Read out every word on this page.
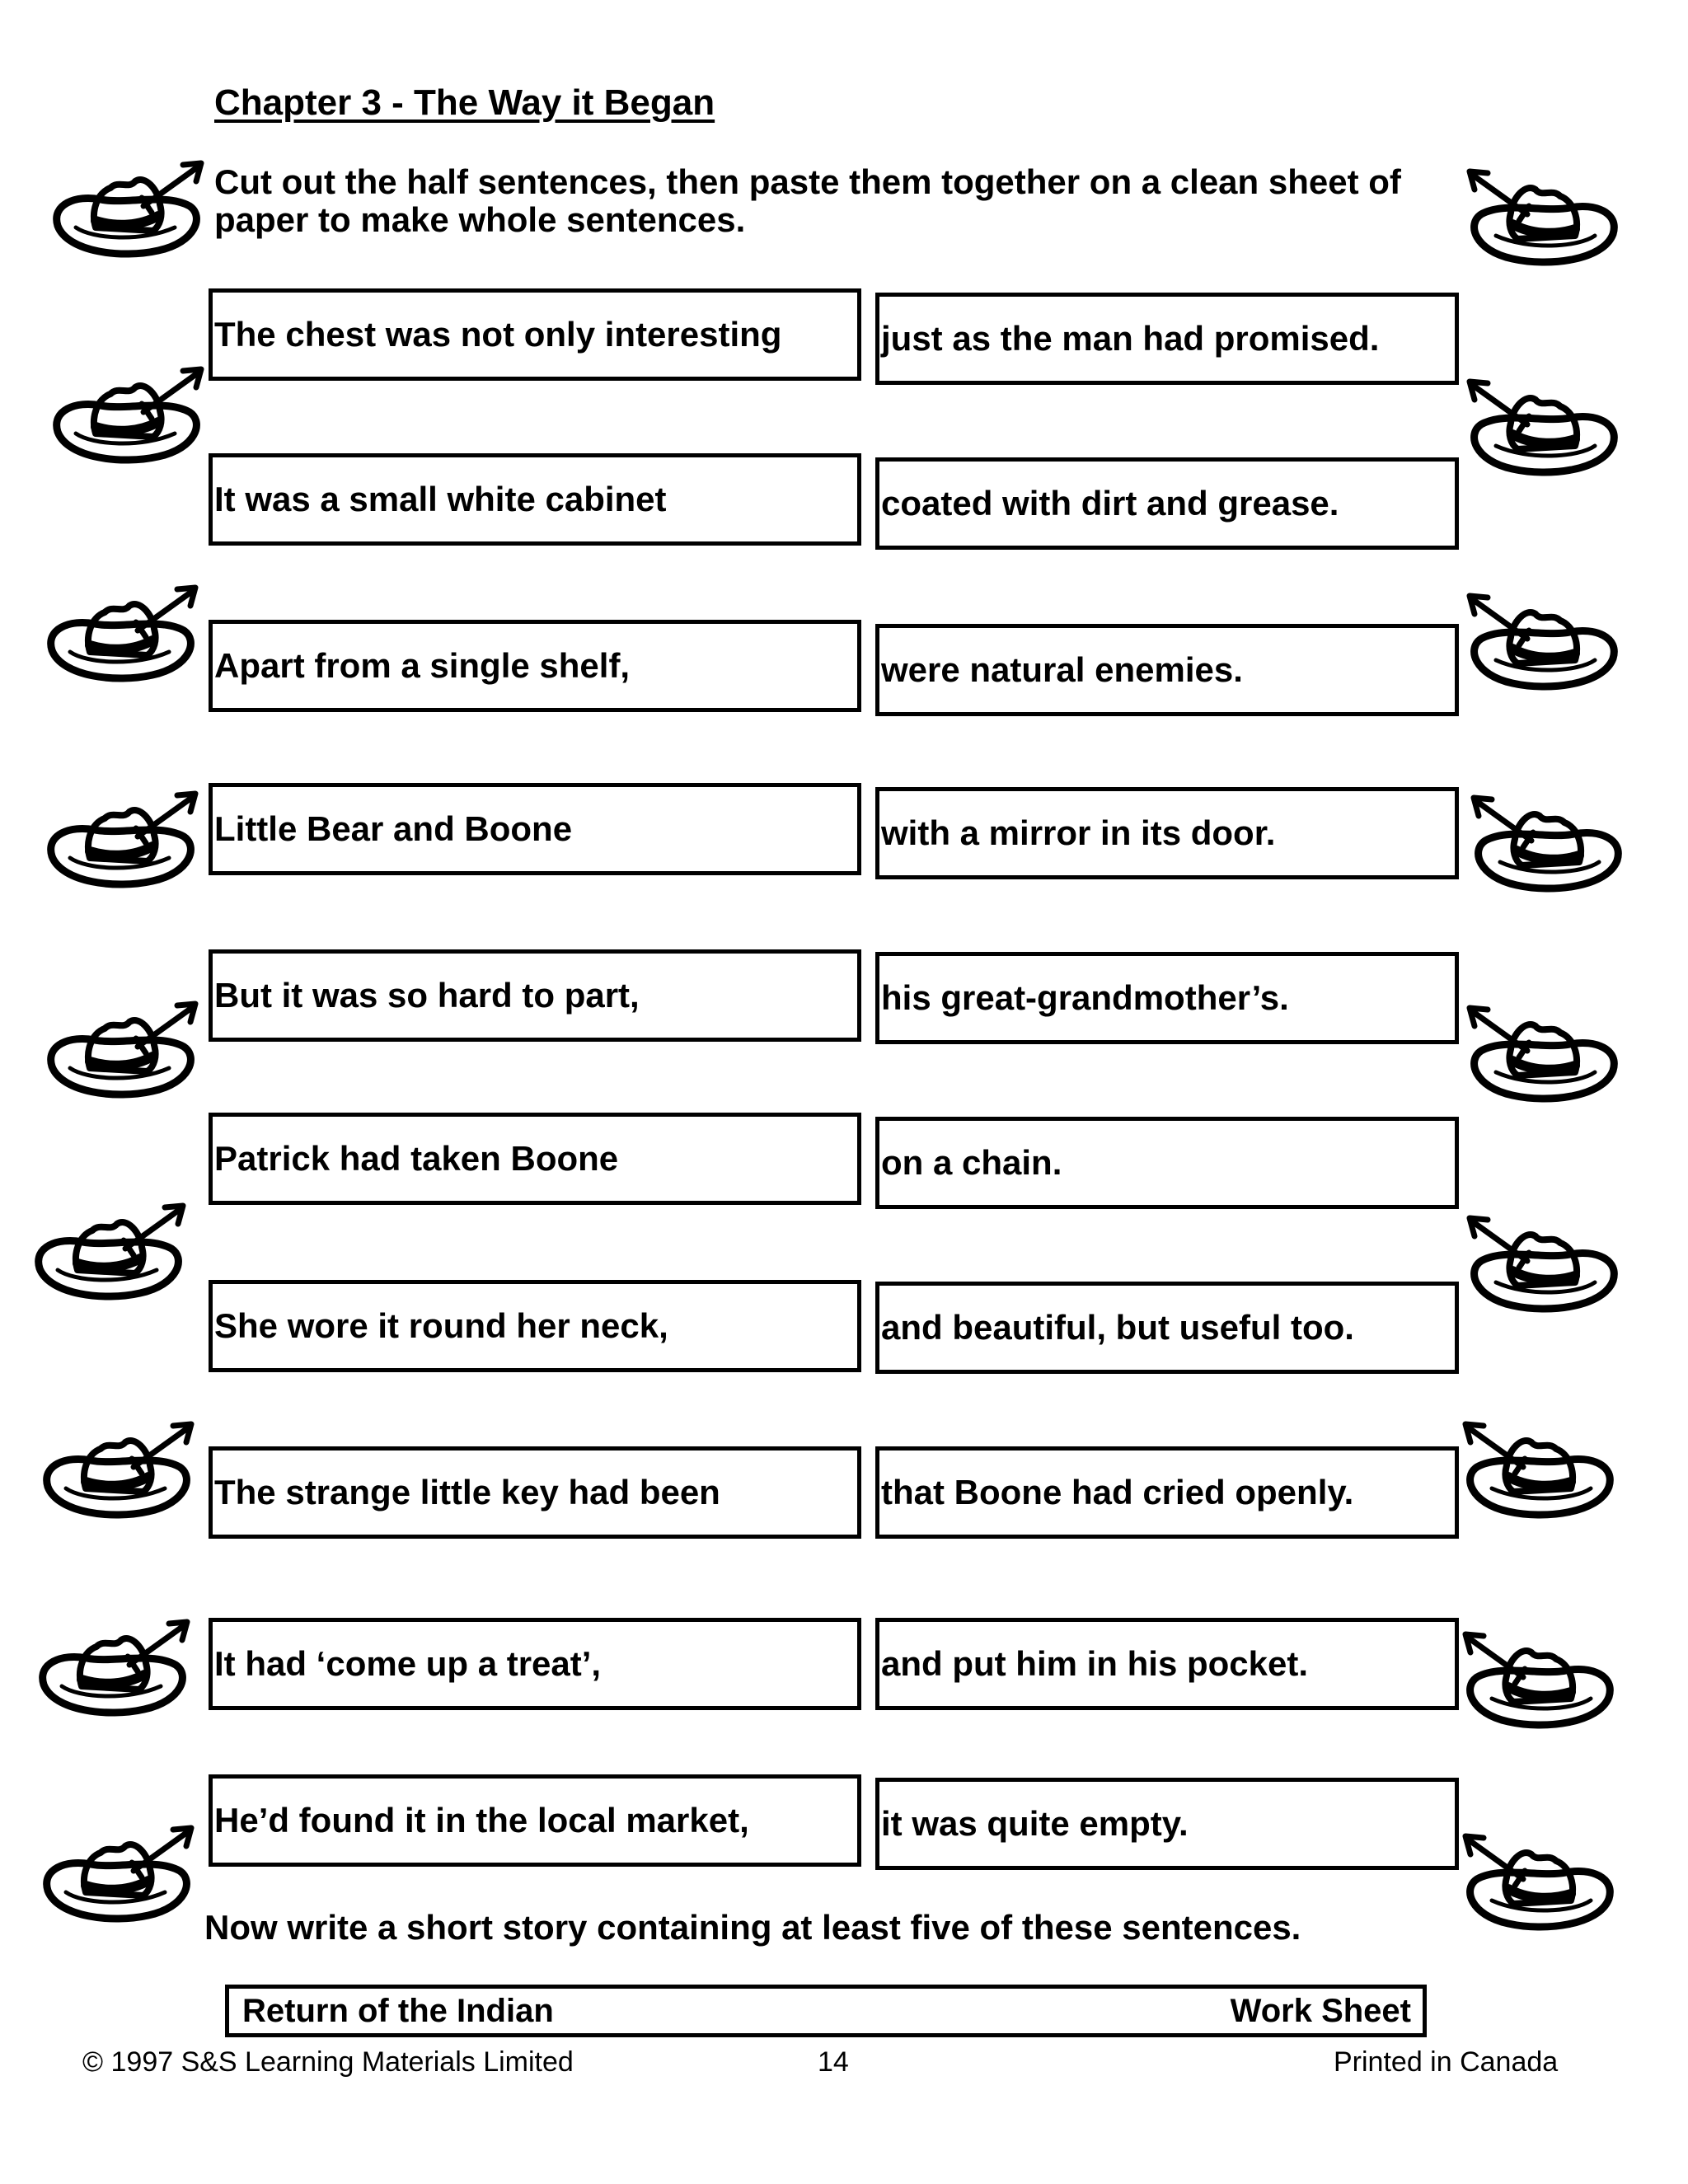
Chapter 3 - The Way it Began

Cut out the half sentences, then paste them together on a clean sheet of paper to make whole sentences.

The chest was not only interesting	just as the man had promised.
It was a small white cabinet	coated with dirt and grease.
Apart from a single shelf,	were natural enemies.
Little Bear and Boone	with a mirror in its door.
But it was so hard to part,	his great-grandmother’s.
Patrick had taken Boone	on a chain.
She wore it round her neck,	and beautiful, but useful too.
The strange little key had been	that Boone had cried openly.
It had ‘come up a treat’,	and put him in his pocket.
He’d found it in the local market,	it was quite empty.

Now write a short story containing at least five of these sentences.

Return of the Indian	Work Sheet

© 1997 S&S Learning Materials Limited	14	Printed in Canada
